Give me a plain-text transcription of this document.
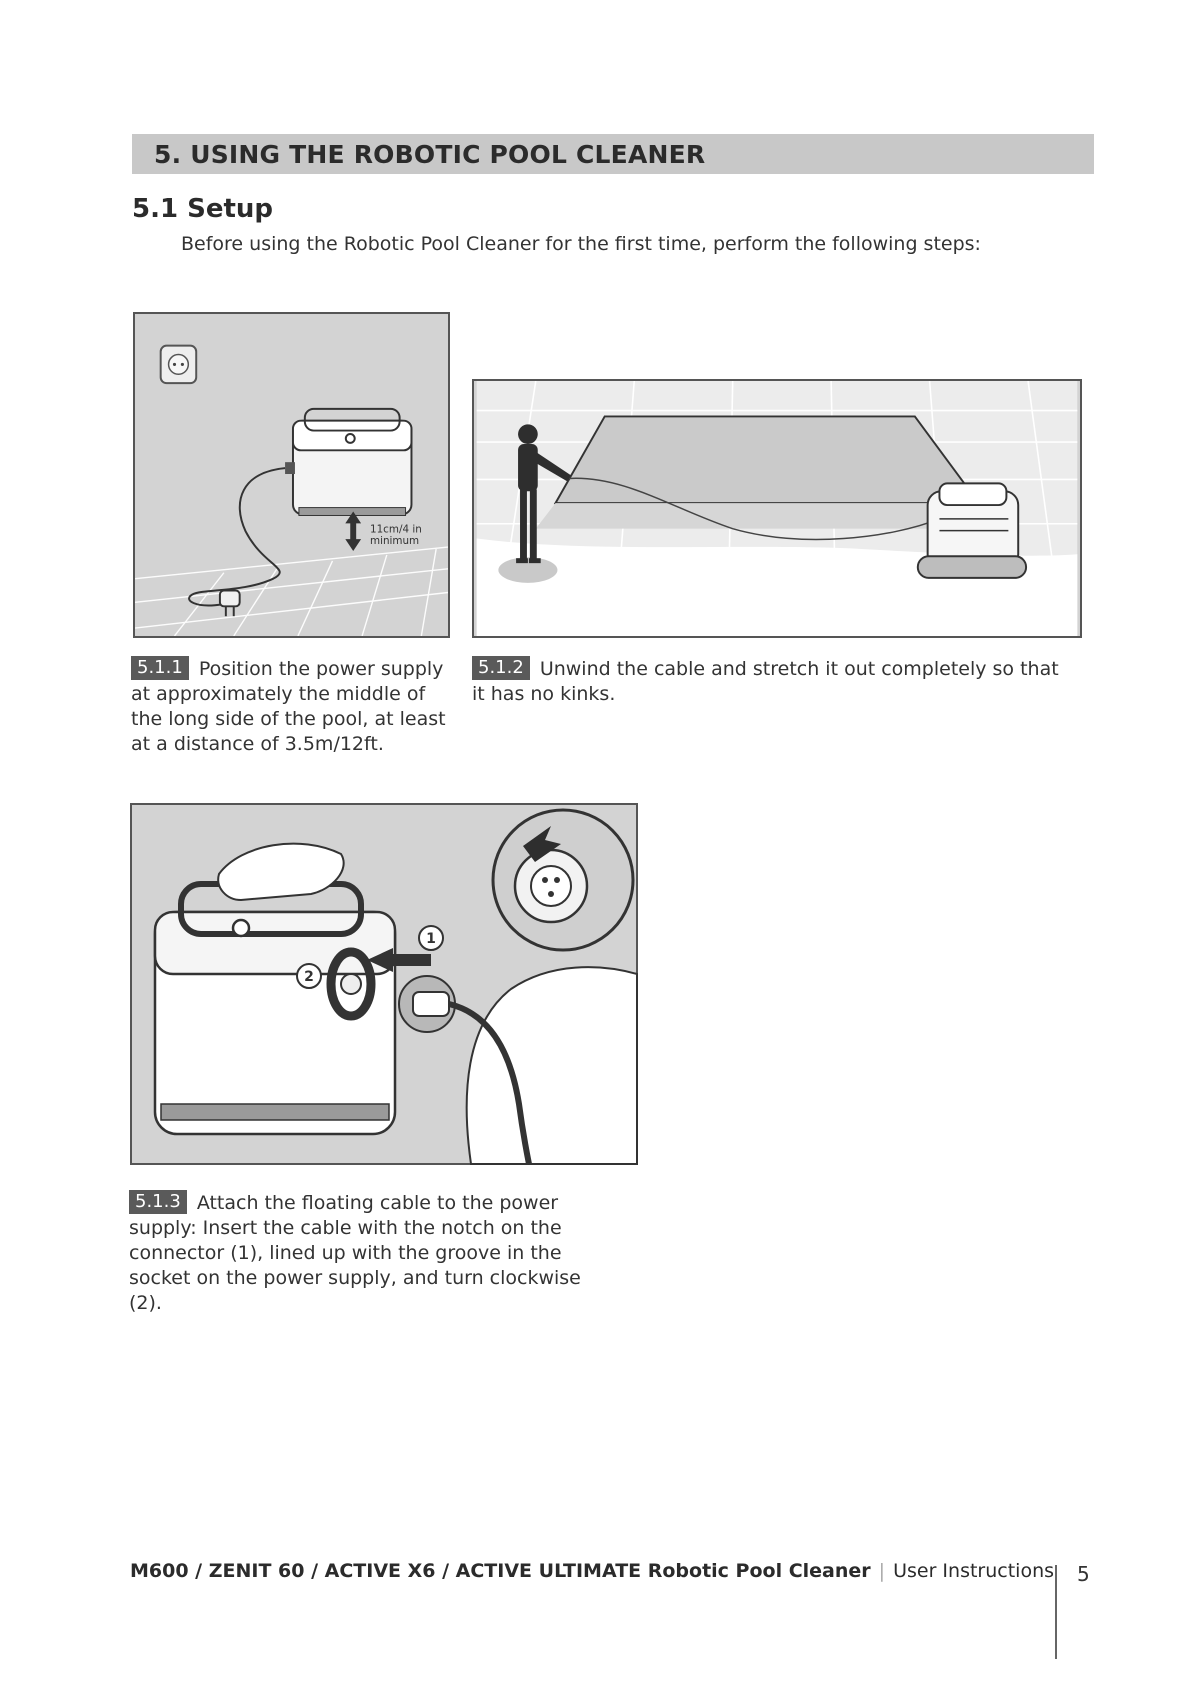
5. USING THE ROBOTIC POOL CLEANER
5.1 Setup

Before using the Robotic Pool Cleaner for the first time, perform the following steps:

11cm/4 in
minimum
5.1.1 Position the power supply at approximately the middle of the long side of the pool, at least at a distance of 3.5m/12ft.
5.1.2 Unwind the cable and stretch it out completely so that it has no kinks.
1
2
5.1.3 Attach the floating cable to the power supply: Insert the cable with the notch on the connector (1), lined up with the groove in the socket on the power supply, and turn clockwise (2).
M600 / ZENIT 60 / ACTIVE X6 / ACTIVE ULTIMATE Robotic Pool Cleaner | User Instructions 5
